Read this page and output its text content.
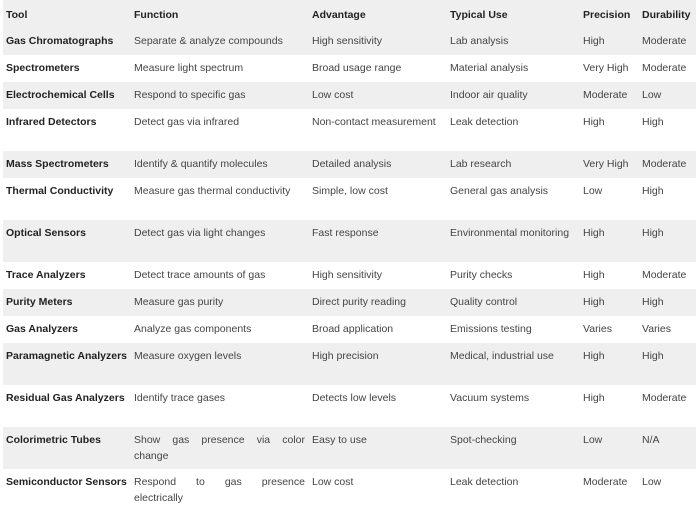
Tool	Function	Advantage	Typical Use	Precision	Durability
Gas Chromatographs	Separate & analyze compounds	High sensitivity	Lab analysis	High	Moderate
Spectrometers	Measure light spectrum	Broad usage range	Material analysis	Very High	Moderate
Electrochemical Cells	Respond to specific gas	Low cost	Indoor air quality	Moderate	Low
Infrared Detectors	Detect gas via infrared	Non-contact measurement	Leak detection	High	High
Mass Spectrometers	Identify & quantify molecules	Detailed analysis	Lab research	Very High	Moderate
Thermal Conductivity	Measure gas thermal conductivity	Simple, low cost	General gas analysis	Low	High
Optical Sensors	Detect gas via light changes	Fast response	Environmental monitoring	High	High
Trace Analyzers	Detect trace amounts of gas	High sensitivity	Purity checks	High	Moderate
Purity Meters	Measure gas purity	Direct purity reading	Quality control	High	High
Gas Analyzers	Analyze gas components	Broad application	Emissions testing	Varies	Varies
Paramagnetic Analyzers	Measure oxygen levels	High precision	Medical, industrial use	High	High
Residual Gas Analyzers	Identify trace gases	Detects low levels	Vacuum systems	High	Moderate
Colorimetric Tubes	Show gas presence via color change	Easy to use	Spot-checking	Low	N/A
Semiconductor Sensors	Respond to gas presence electrically	Low cost	Leak detection	Moderate	Low
